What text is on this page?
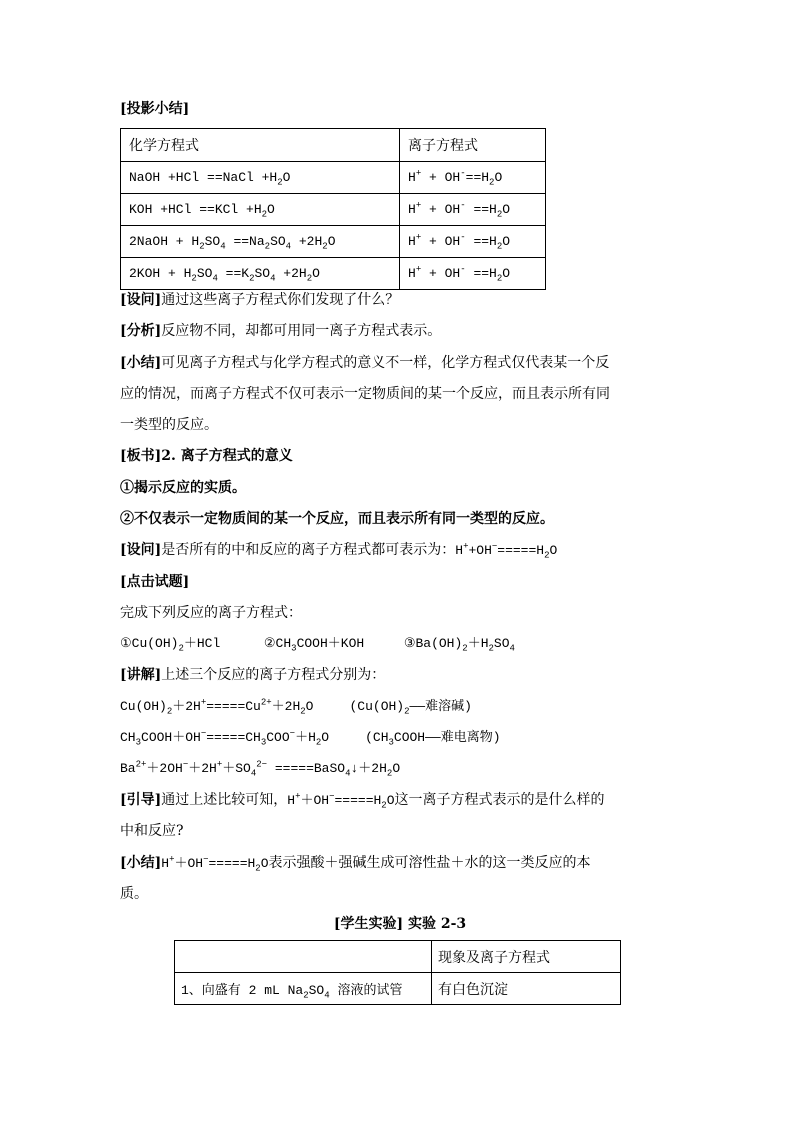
[投影小结]
化学方程式	离子方程式
NaOH +HCl ==NaCl $+H_2O$	$H^+ + OH^-==H_2O$
KOH $+HCl ==KCl +H_2O$	$H^+ + OH^- ==H_2O$
2NaOH + $H_2SO_4 ==Na_2SO_4 +2H_2O$	$H^+ + OH^- ==H_2O$
$2KOH + H_2SO_4 ==K_2SO_4 +2H_2O$	$H^+ + OH^- ==H_2O$
[设问]通过这些离子方程式你们发现了什么？
[分析]反应物不同，却都可用同一离子方程式表示。
[小结]可见离子方程式与化学方程式的意义不一样，化学方程式仅代表某一个反
应的情况，而离子方程式不仅可表示一定物质间的某一个反应，而且表示所有同
一类型的反应。
[板书]2. 离子方程式的意义
①揭示反应的实质。
②不仅表示一定物质间的某一个反应，而且表示所有同一类型的反应。
[设问]是否所有的中和反应的离子方程式都可表示为：$H^++OH^-=====H_2O$
[点击试题]
完成下列反应的离子方程式：
$①Cu(OH)_2+HCl$	$②CH_3COOH+KOH$	$③Ba(OH)_2+H_2SO_4$
[讲解]上述三个反应的离子方程式分别为：
$Cu(OH)_2+2H^+=====Cu^{2+}+2H_2O$	($Cu(OH)_2——$难溶碱)
$CH_3COOH+OH^-=====CH_3COO^-+H_2O$	($CH_3COOH——$难电离物)
$Ba^{2+}+2OH^-+2H^++SO_4^{2-}$ $=====BaSO_4↓+2H_2O$
[引导]通过上述比较可知，$H^++OH^-=====H_2O$这一离子方程式表示的是什么样的
中和反应?
[小结]$H^++OH^-=====H_2O$表示强酸＋强碱生成可溶性盐＋水的这一类反应的本
质。
[学生实验] 实验 2-3
	现象及离子方程式
1、向盛有 2 mL $Na_2SO_4$ 溶液的试管	有白色沉淀
